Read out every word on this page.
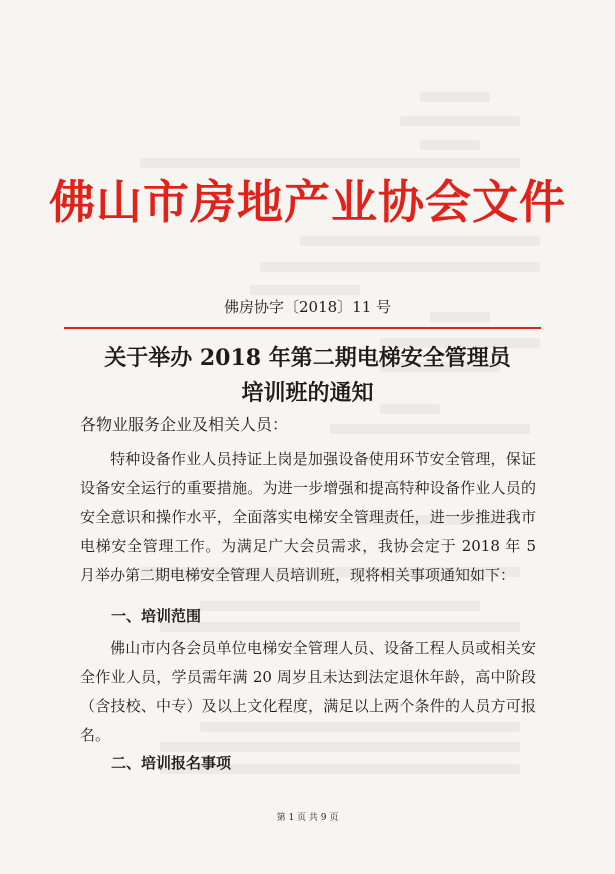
佛山市房地产业协会文件
佛房协字〔2018〕11 号
关于举办 2018 年第二期电梯安全管理员
培训班的通知
各物业服务企业及相关人员：

特种设备作业人员持证上岗是加强设备使用环节安全管理，保证设备安全运行的重要措施。为进一步增强和提高特种设备作业人员的安全意识和操作水平，全面落实电梯安全管理责任，进一步推进我市电梯安全管理工作。为满足广大会员需求，我协会定于 2018 年 5 月举办第二期电梯安全管理人员培训班，现将相关事项通知如下：

一、培训范围

佛山市内各会员单位电梯安全管理人员、设备工程人员或相关安全作业人员，学员需年满 20 周岁且未达到法定退休年龄，高中阶段（含技校、中专）及以上文化程度，满足以上两个条件的人员方可报名。

二、培训报名事项
第 1 页 共 9 页
